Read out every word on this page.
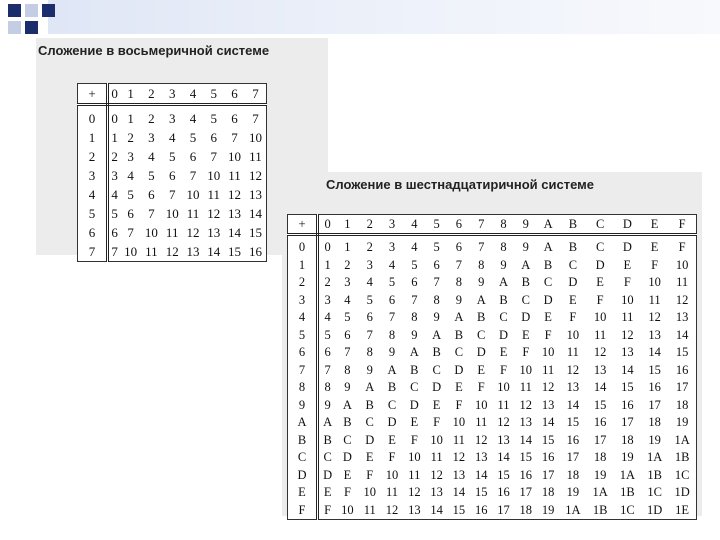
Сложение в восьмеричной системе
+	0	1	2	3	4	5	6	7
0	0	1	2	3	4	5	6	7
1	1	2	3	4	5	6	7	10
2	2	3	4	5	6	7	10	11
3	3	4	5	6	7	10	11	12
4	4	5	6	7	10	11	12	13
5	5	6	7	10	11	12	13	14
6	6	7	10	11	12	13	14	15
7	7	10	11	12	13	14	15	16
Сложение в шестнадцатиричной системе
+	0	1	2	3	4	5	6	7	8	9	A	B	C	D	E	F
0	0	1	2	3	4	5	6	7	8	9	A	B	C	D	E	F
1	1	2	3	4	5	6	7	8	9	A	B	C	D	E	F	10
2	2	3	4	5	6	7	8	9	A	B	C	D	E	F	10	11
3	3	4	5	6	7	8	9	A	B	C	D	E	F	10	11	12
4	4	5	6	7	8	9	A	B	C	D	E	F	10	11	12	13
5	5	6	7	8	9	A	B	C	D	E	F	10	11	12	13	14
6	6	7	8	9	A	B	C	D	E	F	10	11	12	13	14	15
7	7	8	9	A	B	C	D	E	F	10	11	12	13	14	15	16
8	8	9	A	B	C	D	E	F	10	11	12	13	14	15	16	17
9	9	A	B	C	D	E	F	10	11	12	13	14	15	16	17	18
A	A	B	C	D	E	F	10	11	12	13	14	15	16	17	18	19
B	B	C	D	E	F	10	11	12	13	14	15	16	17	18	19	1A
C	C	D	E	F	10	11	12	13	14	15	16	17	18	19	1A	1B
D	D	E	F	10	11	12	13	14	15	16	17	18	19	1A	1B	1C
E	E	F	10	11	12	13	14	15	16	17	18	19	1A	1B	1C	1D
F	F	10	11	12	13	14	15	16	17	18	19	1A	1B	1C	1D	1E
